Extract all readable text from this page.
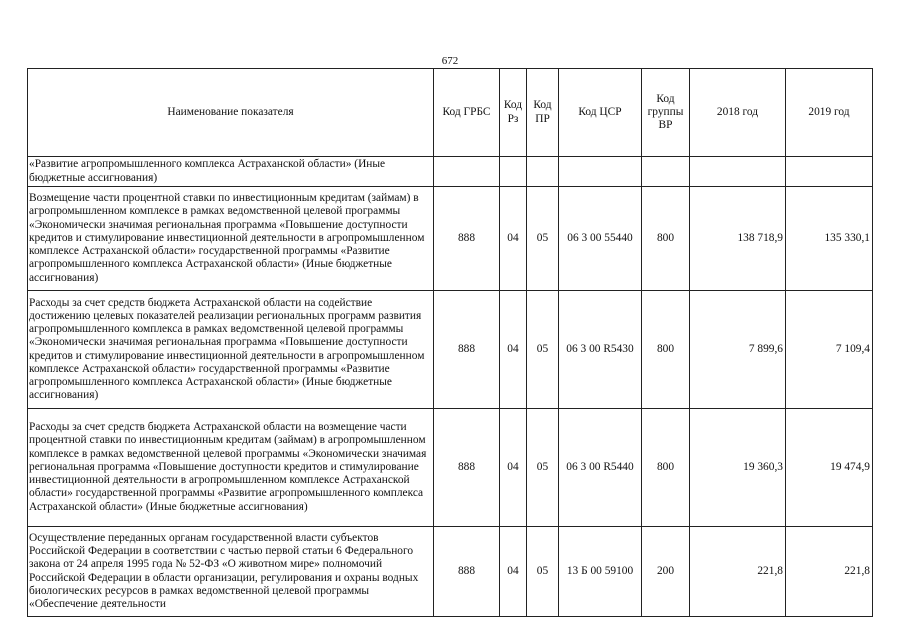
672
Наименование показателя	Код ГРБС	Код Рз	Код ПР	Код ЦСР	Код группы ВР	2018 год	2019 год
«Развитие агропромышленного комплекса Астраханской области» (Иные бюджетные ассигнования)							
Возмещение части процентной ставки по инвестиционным кредитам (займам) в агропромышленном комплексе в рамках ведомственной целевой программы «Экономически значимая региональная программа «Повышение доступности кредитов и стимулирование инвестиционной деятельности в агропромышленном комплексе Астраханской области» государственной программы «Развитие агропромышленного комплекса Астраханской области» (Иные бюджетные ассигнования)	888	04	05	06 3 00 55440	800	138 718,9	135 330,1
Расходы за счет средств бюджета Астраханской области на содействие достижению целевых показателей реализации региональных программ развития агропромышленного комплекса в рамках ведомственной целевой программы «Экономически значимая региональная программа «Повышение доступности кредитов и стимулирование инвестиционной деятельности в агропромышленном комплексе Астраханской области» государственной программы «Развитие агропромышленного комплекса Астраханской области» (Иные бюджетные ассигнования)	888	04	05	06 3 00 R5430	800	7 899,6	7 109,4
Расходы за счет средств бюджета Астраханской области на возмещение части процентной ставки по инвестиционным кредитам (займам) в агропромышленном комплексе в рамках ведомственной целевой программы «Экономически значимая региональная программа «Повышение доступности кредитов и стимулирование инвестиционной деятельности в агропромышленном комплексе Астраханской области» государственной программы «Развитие агропромышленного комплекса Астраханской области» (Иные бюджетные ассигнования)	888	04	05	06 3 00 R5440	800	19 360,3	19 474,9
Осуществление переданных органам государственной власти субъектов Российской Федерации в соответствии с частью первой статьи 6 Федерального закона от 24 апреля 1995 года № 52-ФЗ «О животном мире» полномочий Российской Федерации в области организации, регулирования и охраны водных биологических ресурсов в рамках ведомственной целевой программы «Обеспечение деятельности	888	04	05	13 Б 00 59100	200	221,8	221,8
